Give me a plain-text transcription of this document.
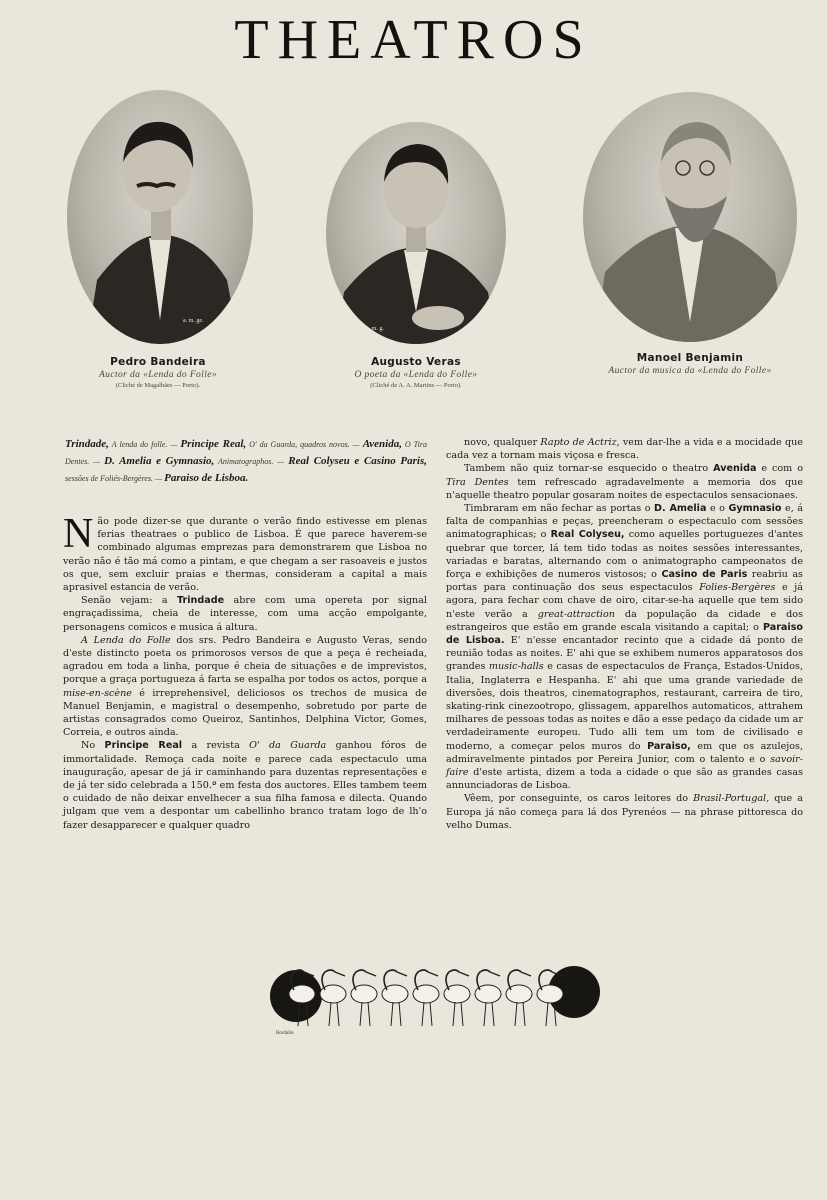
THEATROS
a. m. ge.
Pedro Bandeira
Auctor da «Lenda do Folle»
(Cliché de Magalhães — Porto).
a. m. g.
Augusto Veras
O poeta da «Lenda do Folle»
(Cliché de A. A. Martins — Porto).
Manoel Benjamin
Auctor da musica da «Lenda do Folle»

Trindade, A lenda do folle. — Principe Real, O' da Guarda, quadros novos. — Avenida, O Tira Dentes. — D. Amelia e Gymnasio, Animatographos. — Real Colyseu e Casino Paris, sessões de Foliés-Bergères. — Paraiso de Lisboa.

Não pode dizer-se que durante o verão findo estivesse em plenas ferias theatraes o publico de Lisboa. É que parece haverem-se combinado algumas emprezas para demonstrarem que Lisboa no verão não é tão má como a pintam, e que chegam a ser rasoaveis e justos os que, sem excluir praias e thermas, consideram a capital a mais aprasivel estancia de verão.

Senão vejam: a Trindade abre com uma opereta por signal engraçadissima, cheia de interesse, com uma acção empolgante, personagens comicos e musica á altura.

A Lenda do Folle dos srs. Pedro Bandeira e Augusto Veras, sendo d'este distincto poeta os primorosos versos de que a peça é recheiada, agradou em toda a linha, porque é cheia de situações e de imprevistos, porque a graça portugueza á farta se espalha por todos os actos, porque a mise-en-scène é irreprehensivel, deliciosos os trechos de musica de Manuel Benjamin, e magistral o desempenho, sobretudo por parte de artistas consagrados como Queiroz, Santinhos, Delphina Victor, Gomes, Correia, e outros ainda.

No Principe Real a revista O' da Guarda ganhou fóros de immortalidade. Remoça cada noite e parece cada espectaculo uma inauguração, apesar de já ir caminhando para duzentas representações e de já ter sido celebrada a 150.ª em festa dos auctores. Elles tambem teem o cuidado de não deixar envelhecer a sua filha famosa e dilecta. Quando julgam que vem a despontar um cabellinho branco tratam logo de lh'o fazer desapparecer e qualquer quadro

novo, qualquer Rapto de Actriz, vem dar-lhe a vida e a mocidade que cada vez a tornam mais viçosa e fresca.

Tambem não quiz tornar-se esquecido o theatro Avenida e com o Tira Dentes tem refrescado agradavelmente a memoria dos que n'aquelle theatro popular gosaram noites de espectaculos sensacionaes.

Timbraram em não fechar as portas o D. Amelia e o Gymnasio e, á falta de companhias e peças, preencheram o espectaculo com sessões animatographicas; o Real Colyseu, como aquelles portuguezes d'antes quebrar que torcer, lá tem tido todas as noites sessões interessantes, variadas e baratas, alternando com o animatographo campeonatos de força e exhibições de numeros vistosos; o Casino de Paris reabriu as portas para continuação dos seus espectaculos Folies-Bergères e já agora, para fechar com chave de oiro, citar-se-ha aquelle que tem sido n'este verão a great-attraction da população da cidade e dos estrangeiros que estão em grande escala visitando a capital; o Paraiso de Lisboa. E' n'esse encantador recinto que a cidade dá ponto de reunião todas as noites. E' ahi que se exhibem numeros apparatosos dos grandes music-halls e casas de espectaculos de França, Estados-Unidos, Italia, Inglaterra e Hespanha. E' ahi que uma grande variedade de diversões, dois theatros, cinematographos, restaurant, carreira de tiro, skating-rink cinezootropo, glissagem, apparelhos automaticos, attrahem milhares de pessoas todas as noites e dão a esse pedaço da cidade um ar verdadeiramente europeu. Tudo alli tem um tom de civilisado e moderno, a começar pelos muros do Paraiso, em que os azulejos, admiravelmente pintados por Pereira Junior, com o talento e o savoir-faire d'este artista, dizem a toda a cidade o que são as grandes casas annunciadoras de Lisboa.

Vêem, por conseguinte, os caros leitores do Brasil-Portugal, que a Europa já não começa para lá dos Pyrenéos — na phrase pittoresca do velho Dumas.

Bordallo
